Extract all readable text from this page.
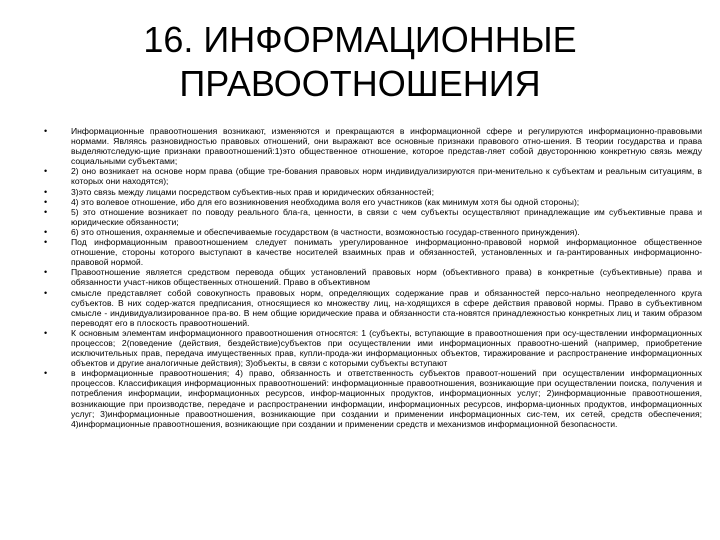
16. ИНФОРМАЦИОННЫЕ
ПРАВООТНОШЕНИЯ
•	Информационные правоотношения возникают, изменяются и прекращаются в информационной сфере и регулируются информационно-правовыми нормами. Являясь разновидностью правовых отношений, они выражают все основные признаки правового отно-шения. В теории государства и права выделяютследую-щие признаки правоотношений:1)это общественное отношение, которое представ-ляет собой двустороннюю конкретную связь между социальными субъектами;
•	2) оно возникает на основе норм права (общие тре-бования правовых норм индивидуализируются при-менительно к субъектам и реальным ситуациям, в которых они находятся);
•	3)это связь между лицами посредством субъектив-ных прав и юридических обязанностей;
•	4) это волевое отношение, ибо для его возникновения необходима воля его участников (как минимум хотя бы одной стороны);
•	5) это отношение возникает по поводу реального бла-га, ценности, в связи с чем субъекты осуществляют принадлежащие им субъективные права и юридические обязанности;
•	6) это отношения, охраняемые и обеспечиваемые государством (в частности, возможностью государ-ственного принуждения).
•	Под информационным правоотношением следует понимать урегулированное информационно-правовой нормой информационное общественное отношение, стороны которого выступают в качестве носителей взаимных прав и обязанностей, установленных и га-рантированных информационно-правовой нормой.
•	Правоотношение является средством перевода общих установлений правовых норм (объективного права) в конкретные (субъективные) права и обязанности участ-ников общественных отношений. Право в объективном
•	смысле представляет собой совокупность правовых норм, определяющих содержание прав и обязанностей персо-нально неопределенного круга субъектов. В них содер-жатся предписания, относящиеся ко множеству лиц, на-ходящихся в сфере действия правовой нормы. Право в субъективном смысле - индивидуализированное пра-во. В нем общие юридические права и обязанности ста-новятся принадлежностью конкретных лиц и таким образом переводят его в плоскость правоотношений.
•	К основным элементам информационного правоотношения относятся: 1 (субъекты, вступающие в правоотношения при осу-ществлении информационных процессов; 2(поведение (действия, бездействие)субъектов при осуществлении ими информационных правоотно-шений (например, приобретение исключительных прав, передача имущественных прав, купли-прода-жи информационных объектов, тиражирование и распространение информационных объектов и другие аналогичные действия); 3)объекты, в связи с которыми субъекты вступают
•	в информационные правоотношения; 4) право, обязанность и ответственность субъектов правоот-ношений при осуществлении информационных процессов. Классификация информационных правоотношений: информационные правоотношения, возникающие при осуществлении поиска, получения и потребления информации, информационных ресурсов, инфор-мационных продуктов, информационных услуг; 2)информационные правоотношения, возникающие при производстве, передаче и распространении информации, информационных ресурсов, информа-ционных продуктов, информационных услуг; 3)информационные правоотношения, возникающие при создании и применении информационных сис-тем, их сетей, средств обеспечения; 4)информационные правоотношения, возникающие при создании и применении средств и механизмов информационной безопасности.
